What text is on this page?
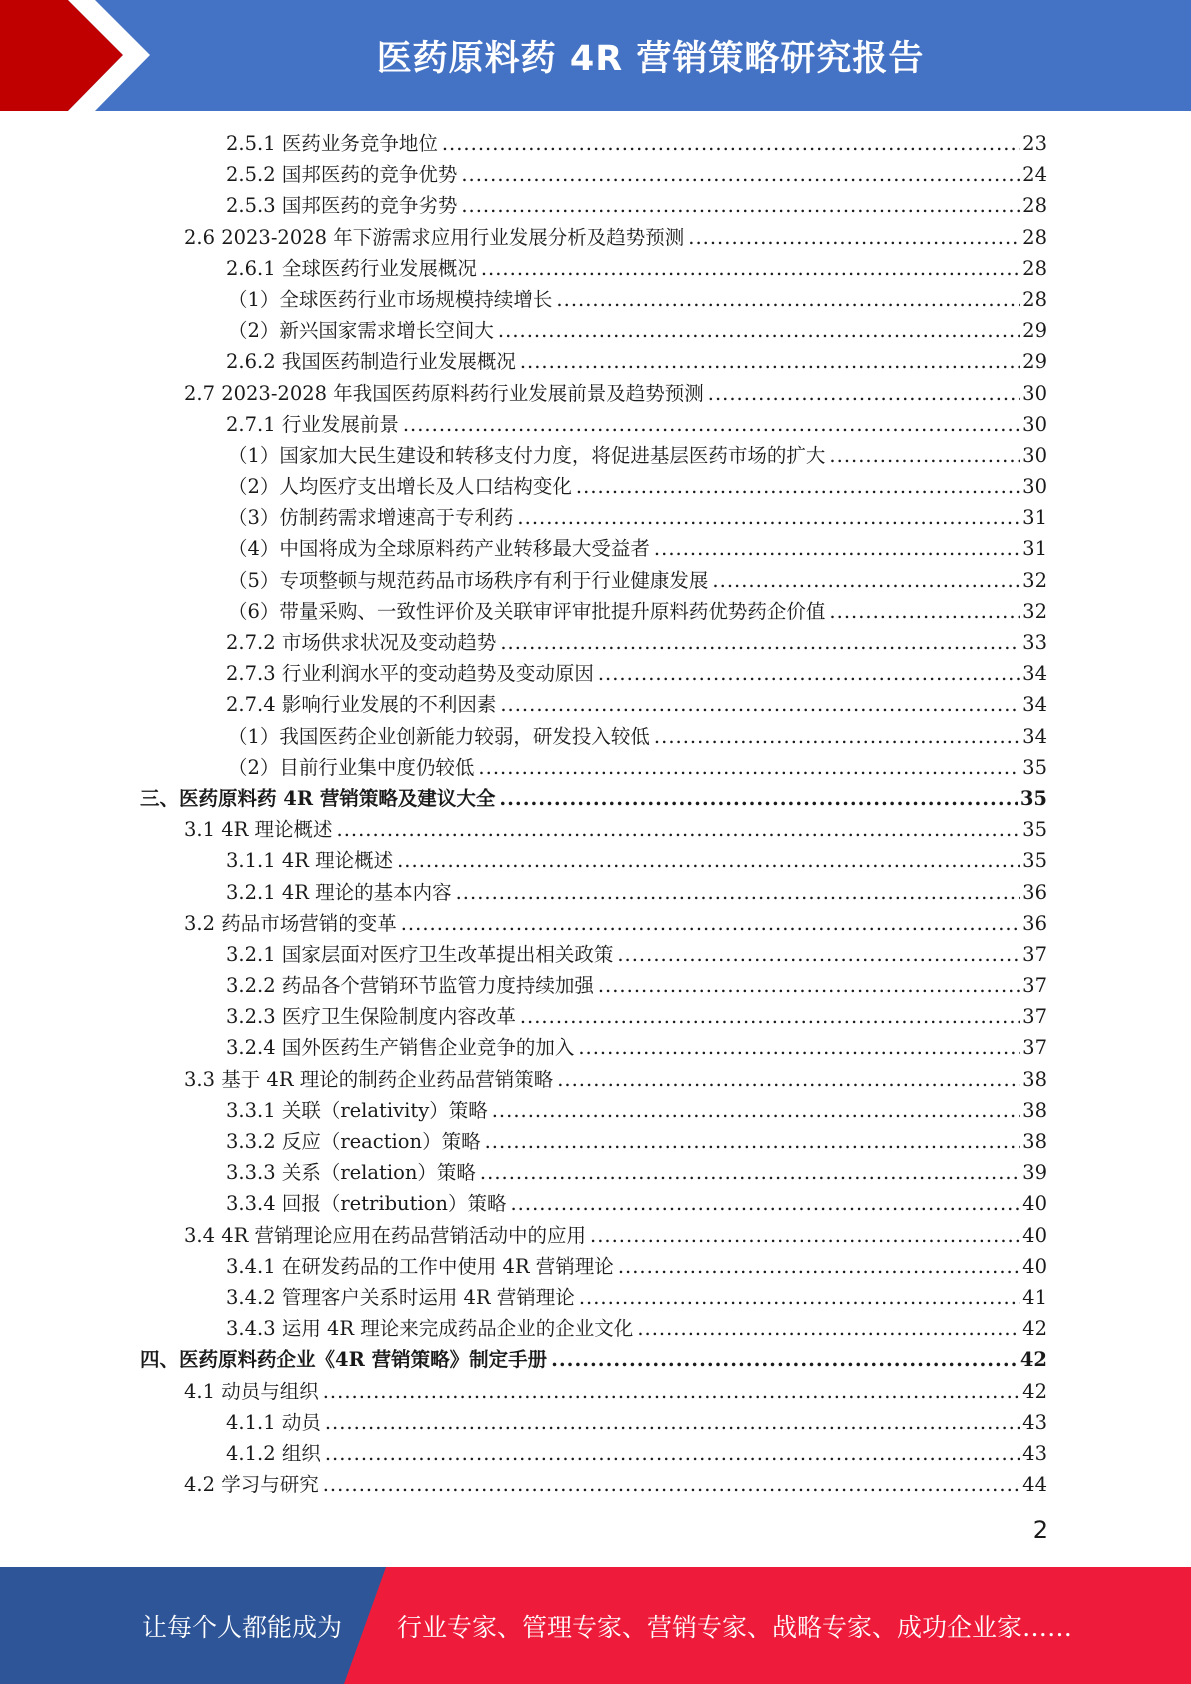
医药原料药 4R 营销策略研究报告
2.5.1 医药业务竞争地位 .....	23
2.5.2 国邦医药的竞争优势 .....	24
2.5.3 国邦医药的竞争劣势 .....	28
2.6 2023-2028 年下游需求应用行业发展分析及趋势预测 .....	28
2.6.1 全球医药行业发展概况 .....	28
（1）全球医药行业市场规模持续增长 .....	28
（2）新兴国家需求增长空间大 .....	29
2.6.2 我国医药制造行业发展概况 .....	29
2.7 2023-2028 年我国医药原料药行业发展前景及趋势预测 .....	30
2.7.1 行业发展前景 .....	30
（1）国家加大民生建设和转移支付力度，将促进基层医药市场的扩大 .....	30
（2）人均医疗支出增长及人口结构变化 .....	30
（3）仿制药需求增速高于专利药 .....	31
（4）中国将成为全球原料药产业转移最大受益者 .....	31
（5）专项整顿与规范药品市场秩序有利于行业健康发展 .....	32
（6）带量采购、一致性评价及关联审评审批提升原料药优势药企价值 .....	32
2.7.2 市场供求状况及变动趋势 .....	33
2.7.3 行业利润水平的变动趋势及变动原因 .....	34
2.7.4 影响行业发展的不利因素 .....	34
（1）我国医药企业创新能力较弱，研发投入较低 .....	34
（2）目前行业集中度仍较低 .....	35
三、医药原料药 4R 营销策略及建议大全 .....	35
3.1 4R 理论概述 .....	35
3.1.1 4R 理论概述 .....	35
3.2.1 4R 理论的基本内容 .....	36
3.2 药品市场营销的变革 .....	36
3.2.1 国家层面对医疗卫生改革提出相关政策 .....	37
3.2.2 药品各个营销环节监管力度持续加强 .....	37
3.2.3 医疗卫生保险制度内容改革 .....	37
3.2.4 国外医药生产销售企业竞争的加入 .....	37
3.3 基于 4R 理论的制药企业药品营销策略 .....	38
3.3.1 关联（relativity）策略 .....	38
3.3.2 反应（reaction）策略 .....	38
3.3.3 关系（relation）策略 .....	39
3.3.4 回报（retribution）策略 .....	40
3.4 4R 营销理论应用在药品营销活动中的应用 .....	40
3.4.1 在研发药品的工作中使用 4R 营销理论 .....	40
3.4.2 管理客户关系时运用 4R 营销理论 .....	41
3.4.3 运用 4R 理论来完成药品企业的企业文化 .....	42
四、医药原料药企业《4R 营销策略》制定手册 .....	42
4.1 动员与组织 .....	42
4.1.1 动员 .....	43
4.1.2 组织 .....	43
4.2 学习与研究 .....	44
2
让每个人都能成为 行业专家、管理专家、营销专家、战略专家、成功企业家……
